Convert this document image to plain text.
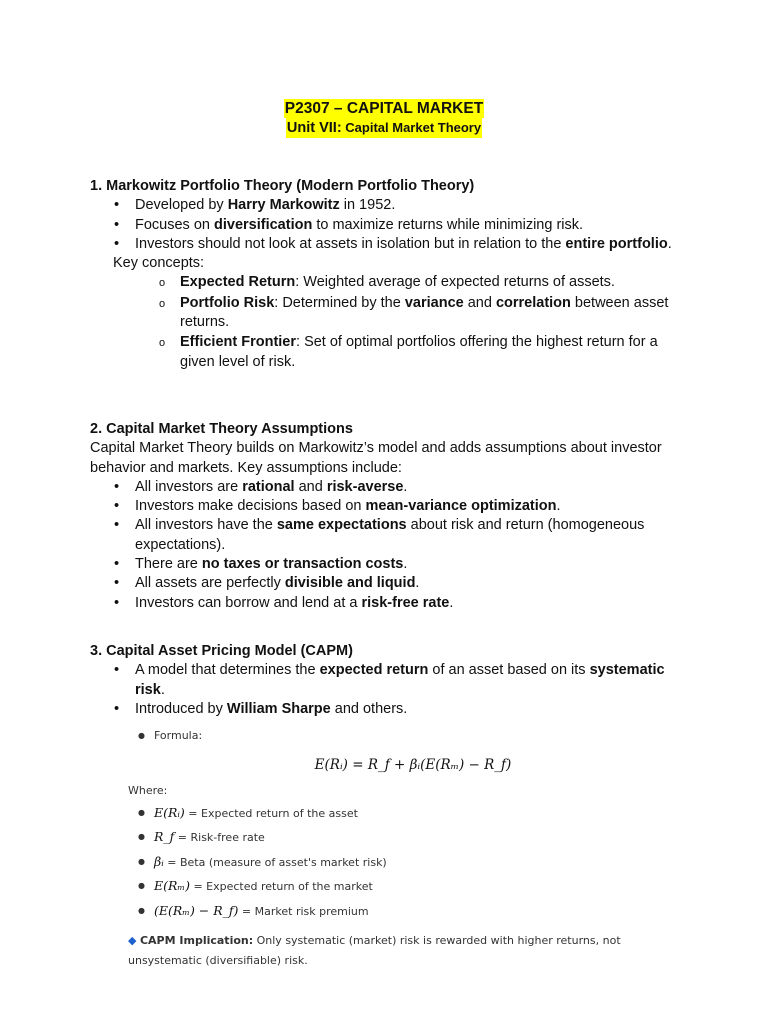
P2307 – CAPITAL MARKET
Unit VII: Capital Market Theory

1. Markowitz Portfolio Theory (Modern Portfolio Theory)

• Developed by Harry Markowitz in 1952.
• Focuses on diversification to maximize returns while minimizing risk.
• Investors should not look at assets in isolation but in relation to the entire portfolio.
Key concepts:
o Expected Return: Weighted average of expected returns of assets.
o Portfolio Risk: Determined by the variance and correlation between asset returns.
o Efficient Frontier: Set of optimal portfolios offering the highest return for a given level of risk.

2. Capital Market Theory Assumptions

Capital Market Theory builds on Markowitz’s model and adds assumptions about investor behavior and markets. Key assumptions include:
• All investors are rational and risk-averse.
• Investors make decisions based on mean-variance optimization.
• All investors have the same expectations about risk and return (homogeneous expectations).
• There are no taxes or transaction costs.
• All assets are perfectly divisible and liquid.
• Investors can borrow and lend at a risk-free rate.

3. Capital Asset Pricing Model (CAPM)

• A model that determines the expected return of an asset based on its systematic risk.
• Introduced by William Sharpe and others.
● Formula:
E(Rᵢ) = R_f + βᵢ(E(Rₘ) − R_f)
Where:
● E(Rᵢ) = Expected return of the asset
● R_f = Risk-free rate
● βᵢ = Beta (measure of asset's market risk)
● E(Rₘ) = Expected return of the market
● (E(Rₘ) − R_f) = Market risk premium
◆ CAPM Implication: Only systematic (market) risk is rewarded with higher returns, not unsystematic (diversifiable) risk.
